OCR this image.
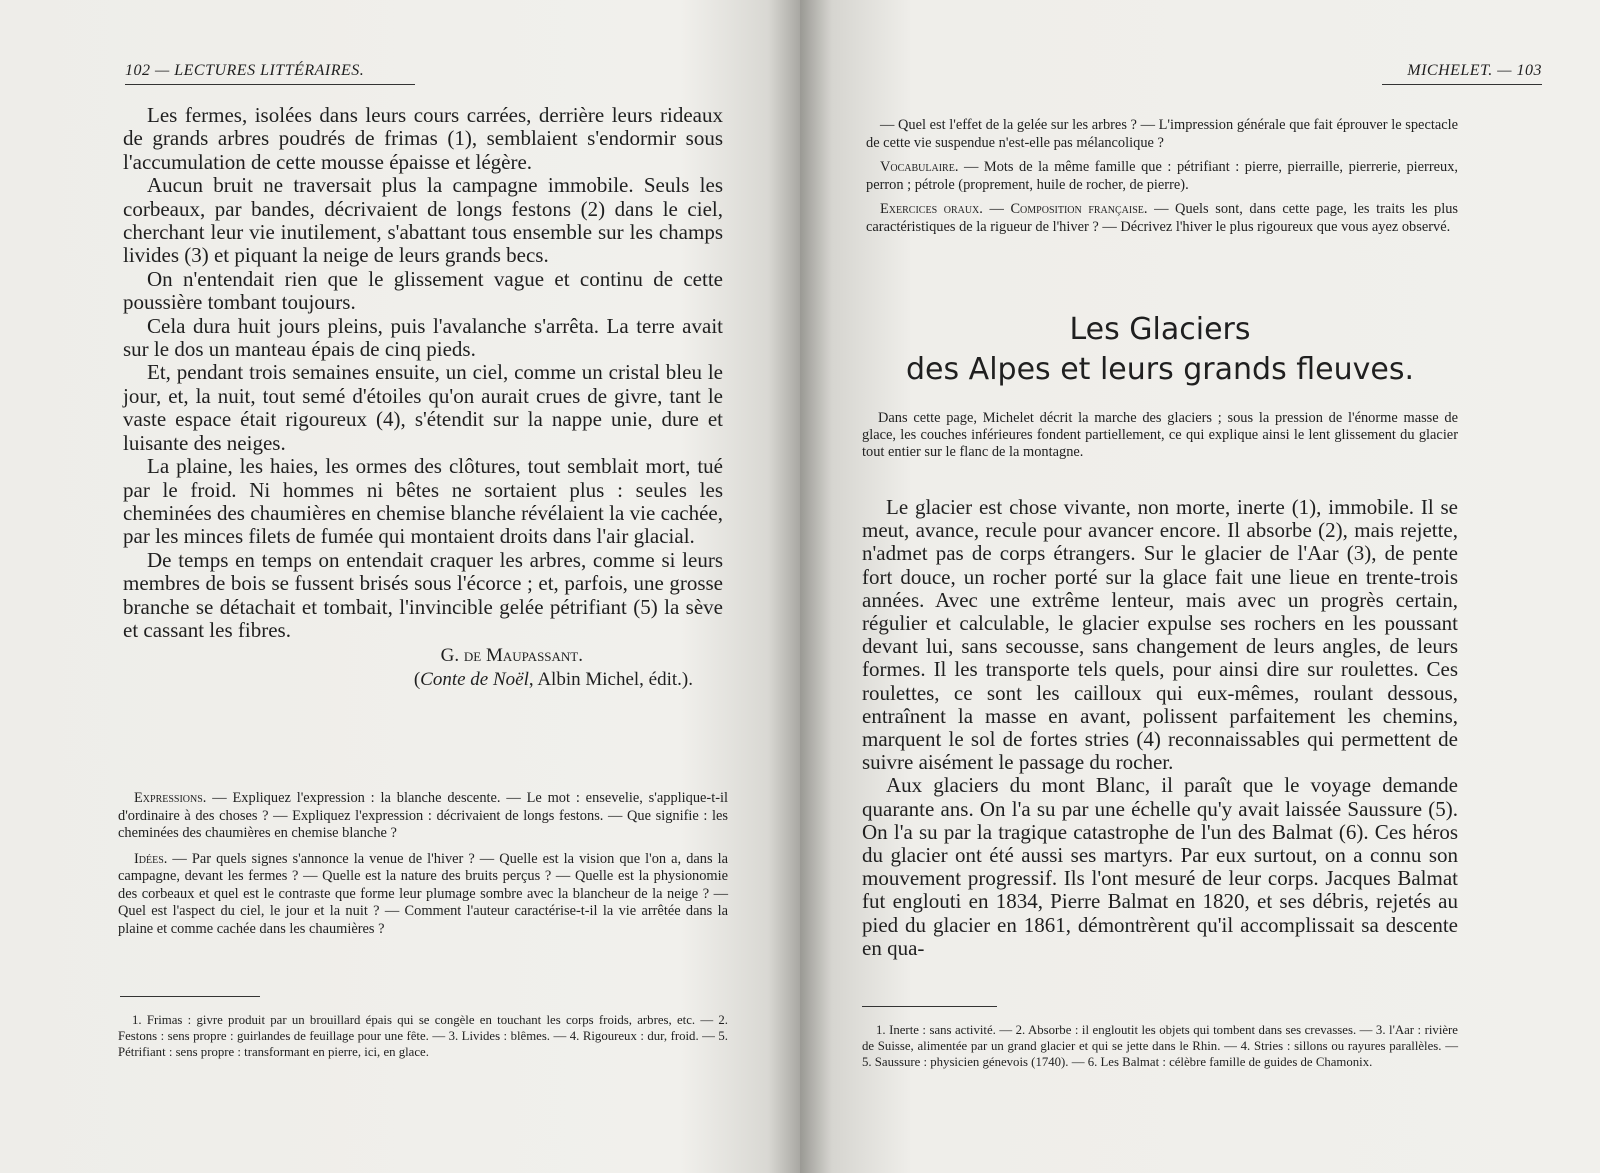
102 — LECTURES LITTÉRAIRES.

Les fermes, isolées dans leurs cours carrées, derrière leurs rideaux de grands arbres poudrés de frimas (1), semblaient s'endormir sous l'accumulation de cette mousse épaisse et légère.

Aucun bruit ne traversait plus la campagne immobile. Seuls les corbeaux, par bandes, décrivaient de longs festons (2) dans le ciel, cherchant leur vie inutilement, s'abattant tous ensemble sur les champs livides (3) et piquant la neige de leurs grands becs.

On n'entendait rien que le glissement vague et continu de cette poussière tombant toujours.

Cela dura huit jours pleins, puis l'avalanche s'arrêta. La terre avait sur le dos un manteau épais de cinq pieds.

Et, pendant trois semaines ensuite, un ciel, comme un cristal bleu le jour, et, la nuit, tout semé d'étoiles qu'on aurait crues de givre, tant le vaste espace était rigoureux (4), s'étendit sur la nappe unie, dure et luisante des neiges.

La plaine, les haies, les ormes des clôtures, tout semblait mort, tué par le froid. Ni hommes ni bêtes ne sortaient plus : seules les cheminées des chaumières en chemise blanche révélaient la vie cachée, par les minces filets de fumée qui montaient droits dans l'air glacial.

De temps en temps on entendait craquer les arbres, comme si leurs membres de bois se fussent brisés sous l'écorce ; et, parfois, une grosse branche se détachait et tombait, l'invincible gelée pétrifiant (5) la sève et cassant les fibres.

G. de Maupassant.
(Conte de Noël, Albin Michel, édit.).

Expressions. — Expliquez l'expression : la blanche descente. — Le mot : ensevelie, s'applique-t-il d'ordinaire à des choses ? — Expliquez l'expression : décrivaient de longs festons. — Que signifie : les cheminées des chaumières en chemise blanche ?

Idées. — Par quels signes s'annonce la venue de l'hiver ? — Quelle est la vision que l'on a, dans la campagne, devant les fermes ? — Quelle est la nature des bruits perçus ? — Quelle est la physionomie des corbeaux et quel est le contraste que forme leur plumage sombre avec la blancheur de la neige ? — Quel est l'aspect du ciel, le jour et la nuit ? — Comment l'auteur caractérise-t-il la vie arrêtée dans la plaine et comme cachée dans les chaumières ?

1. Frimas : givre produit par un brouillard épais qui se congèle en touchant les corps froids, arbres, etc. — 2. Festons : sens propre : guirlandes de feuillage pour une fête. — 3. Livides : blêmes. — 4. Rigoureux : dur, froid. — 5. Pétrifiant : sens propre : transformant en pierre, ici, en glace.

MICHELET. — 103

— Quel est l'effet de la gelée sur les arbres ? — L'impression générale que fait éprouver le spectacle de cette vie suspendue n'est-elle pas mélancolique ?

Vocabulaire. — Mots de la même famille que : pétrifiant : pierre, pierraille, pierrerie, pierreux, perron ; pétrole (proprement, huile de rocher, de pierre).

Exercices oraux. — Composition française. — Quels sont, dans cette page, les traits les plus caractéristiques de la rigueur de l'hiver ? — Décrivez l'hiver le plus rigoureux que vous ayez observé.

Les Glaciers
des Alpes et leurs grands fleuves.

Dans cette page, Michelet décrit la marche des glaciers ; sous la pression de l'énorme masse de glace, les couches inférieures fondent partiellement, ce qui explique ainsi le lent glissement du glacier tout entier sur le flanc de la montagne.

Le glacier est chose vivante, non morte, inerte (1), immobile. Il se meut, avance, recule pour avancer encore. Il absorbe (2), mais rejette, n'admet pas de corps étrangers. Sur le glacier de l'Aar (3), de pente fort douce, un rocher porté sur la glace fait une lieue en trente-trois années. Avec une extrême lenteur, mais avec un progrès certain, régulier et calculable, le glacier expulse ses rochers en les poussant devant lui, sans secousse, sans changement de leurs angles, de leurs formes. Il les transporte tels quels, pour ainsi dire sur roulettes. Ces roulettes, ce sont les cailloux qui eux-mêmes, roulant dessous, entraînent la masse en avant, polissent parfaitement les chemins, marquent le sol de fortes stries (4) reconnaissables qui permettent de suivre aisément le passage du rocher.

Aux glaciers du mont Blanc, il paraît que le voyage demande quarante ans. On l'a su par une échelle qu'y avait laissée Saussure (5). On l'a su par la tragique catastrophe de l'un des Balmat (6). Ces héros du glacier ont été aussi ses martyrs. Par eux surtout, on a connu son mouvement progressif. Ils l'ont mesuré de leur corps. Jacques Balmat fut englouti en 1834, Pierre Balmat en 1820, et ses débris, rejetés au pied du glacier en 1861, démontrèrent qu'il accomplissait sa descente en qua-

1. Inerte : sans activité. — 2. Absorbe : il engloutit les objets qui tombent dans ses crevasses. — 3. l'Aar : rivière de Suisse, alimentée par un grand glacier et qui se jette dans le Rhin. — 4. Stries : sillons ou rayures parallèles. — 5. Saussure : physicien génevois (1740). — 6. Les Balmat : célèbre famille de guides de Chamonix.
